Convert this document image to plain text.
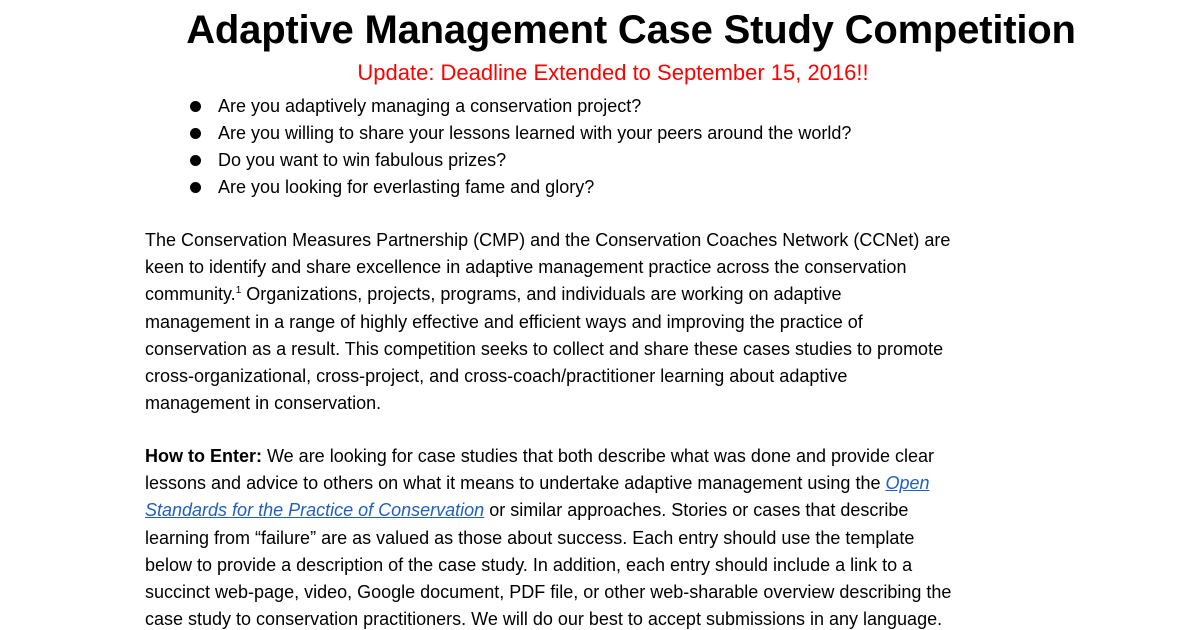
Adaptive Management Case Study Competition

Update: Deadline Extended to September 15, 2016!!

Are you adaptively managing a conservation project?
Are you willing to share your lessons learned with your peers around the world?
Do you want to win fabulous prizes?
Are you looking for everlasting fame and glory?
The Conservation Measures Partnership (CMP) and the Conservation Coaches Network (CCNet) are
keen to identify and share excellence in adaptive management practice across the conservation
community.$^1$ Organizations, projects, programs, and individuals are working on adaptive
management in a range of highly effective and efficient ways and improving the practice of
conservation as a result. This competition seeks to collect and share these cases studies to promote
cross-organizational, cross-project, and cross-coach/practitioner learning about adaptive
management in conservation.
How to Enter: We are looking for case studies that both describe what was done and provide clear
lessons and advice to others on what it means to undertake adaptive management using the Open
Standards for the Practice of Conservation or similar approaches. Stories or cases that describe
learning from “failure” are as valued as those about success. Each entry should use the template
below to provide a description of the case study. In addition, each entry should include a link to a
succinct web-page, video, Google document, PDF file, or other web-sharable overview describing the
case study to conservation practitioners. We will do our best to accept submissions in any language.
